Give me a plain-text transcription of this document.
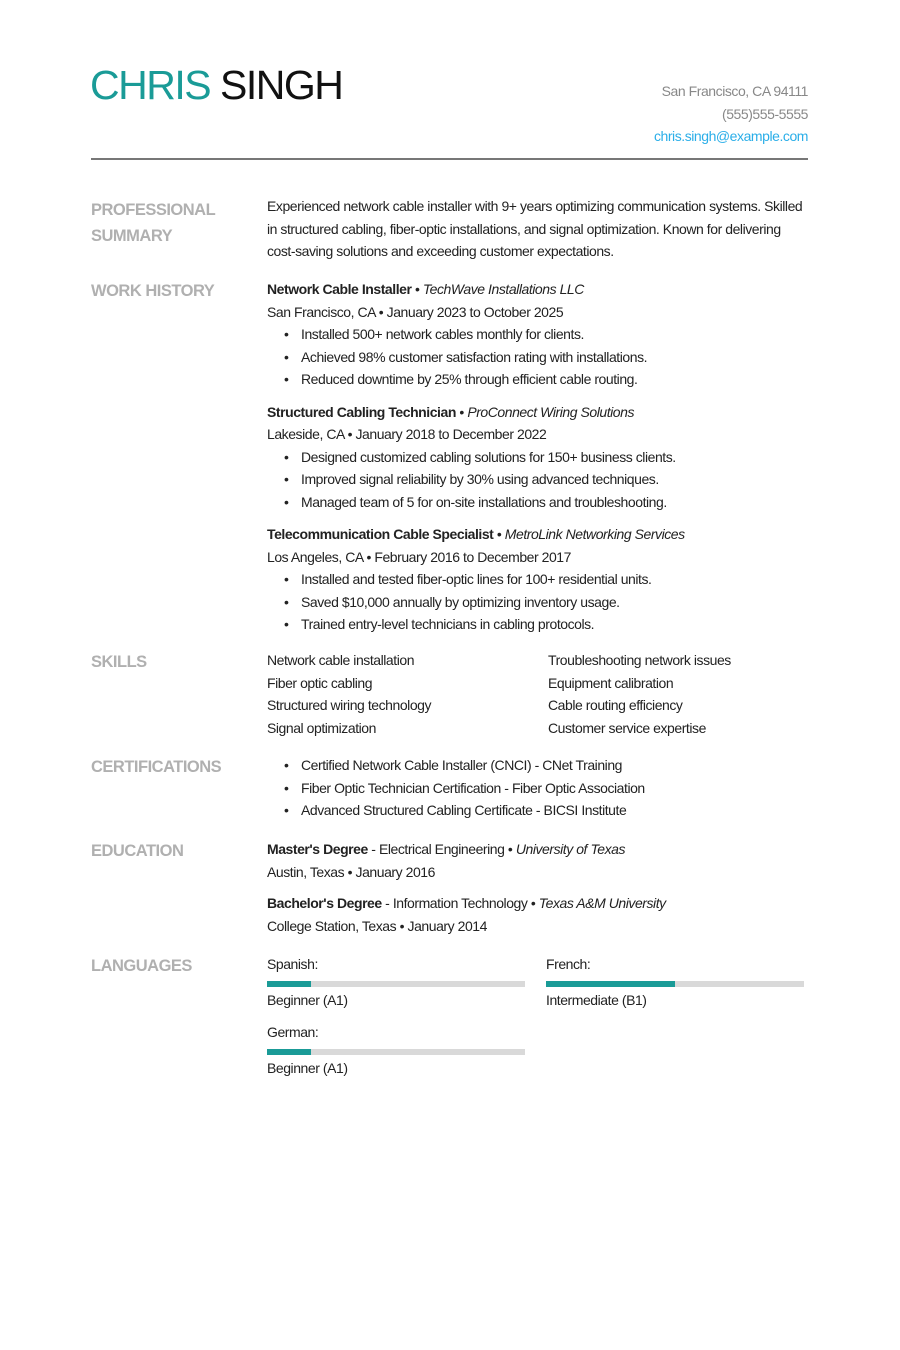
CHRIS SINGH	San Francisco, CA 94111
(555)555-5555
chris.singh@example.com
PROFESSIONAL SUMMARY
Experienced network cable installer with 9+ years optimizing communication systems. Skilled in structured cabling, fiber-optic installations, and signal optimization. Known for delivering cost-saving solutions and exceeding customer expectations.
WORK HISTORY	Network Cable Installer • TechWave Installations LLC
San Francisco, CA • January 2023 to October 2025
• Installed 500+ network cables monthly for clients.
• Achieved 98% customer satisfaction rating with installations.
• Reduced downtime by 25% through efficient cable routing.
Structured Cabling Technician • ProConnect Wiring Solutions
Lakeside, CA • January 2018 to December 2022
• Designed customized cabling solutions for 150+ business clients.
• Improved signal reliability by 30% using advanced techniques.
• Managed team of 5 for on-site installations and troubleshooting.
Telecommunication Cable Specialist • MetroLink Networking Services
Los Angeles, CA • February 2016 to December 2017
• Installed and tested fiber-optic lines for 100+ residential units.
• Saved $10,000 annually by optimizing inventory usage.
• Trained entry-level technicians in cabling protocols.
SKILLS	Network cable installation	Troubleshooting network issues
Fiber optic cabling	Equipment calibration
Structured wiring technology	Cable routing efficiency
Signal optimization	Customer service expertise
CERTIFICATIONS	• Certified Network Cable Installer (CNCI) - CNet Training
• Fiber Optic Technician Certification - Fiber Optic Association
• Advanced Structured Cabling Certificate - BICSI Institute
EDUCATION	Master's Degree - Electrical Engineering • University of Texas
Austin, Texas • January 2016
Bachelor's Degree - Information Technology • Texas A&M University
College Station, Texas • January 2014
LANGUAGES	Spanish:
Beginner (A1)
French:
Intermediate (B1)
German:
Beginner (A1)
